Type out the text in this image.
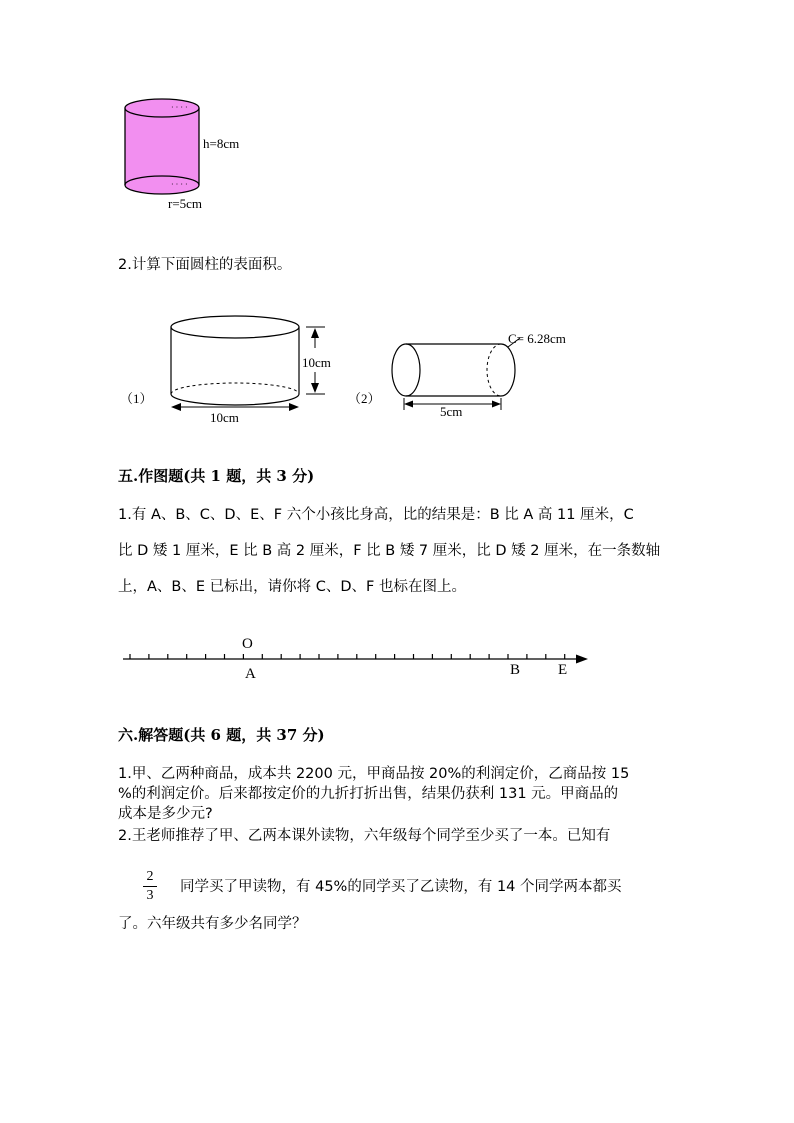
· · · ·
· · · ·
h=8cm
r=5cm
2.计算下面圆柱的表面积。
（1）
10cm
10cm
（2）
C= 6.28cm
5cm
五.作图题(共 1 题，共 3 分)
1.有 A、B、C、D、E、F 六个小孩比身高，比的结果是：B 比 A 高 11 厘米，C
比 D 矮 1 厘米，E 比 B 高 2 厘米，F 比 B 矮 7 厘米，比 D 矮 2 厘米，在一条数轴
上，A、B、E 已标出，请你将 C、D、F 也标在图上。
O
A	B	E
六.解答题(共 6 题，共 37 分)
1.甲、乙两种商品，成本共 2200 元，甲商品按 20%的利润定价，乙商品按 15
%的利润定价。后来都按定价的九折打折出售，结果仍获利 131 元。甲商品的
成本是多少元?
2.王老师推荐了甲、乙两本课外读物，六年级每个同学至少买了一本。已知有
2
3
同学买了甲读物，有 45%的同学买了乙读物，有 14 个同学两本都买
了。六年级共有多少名同学？
